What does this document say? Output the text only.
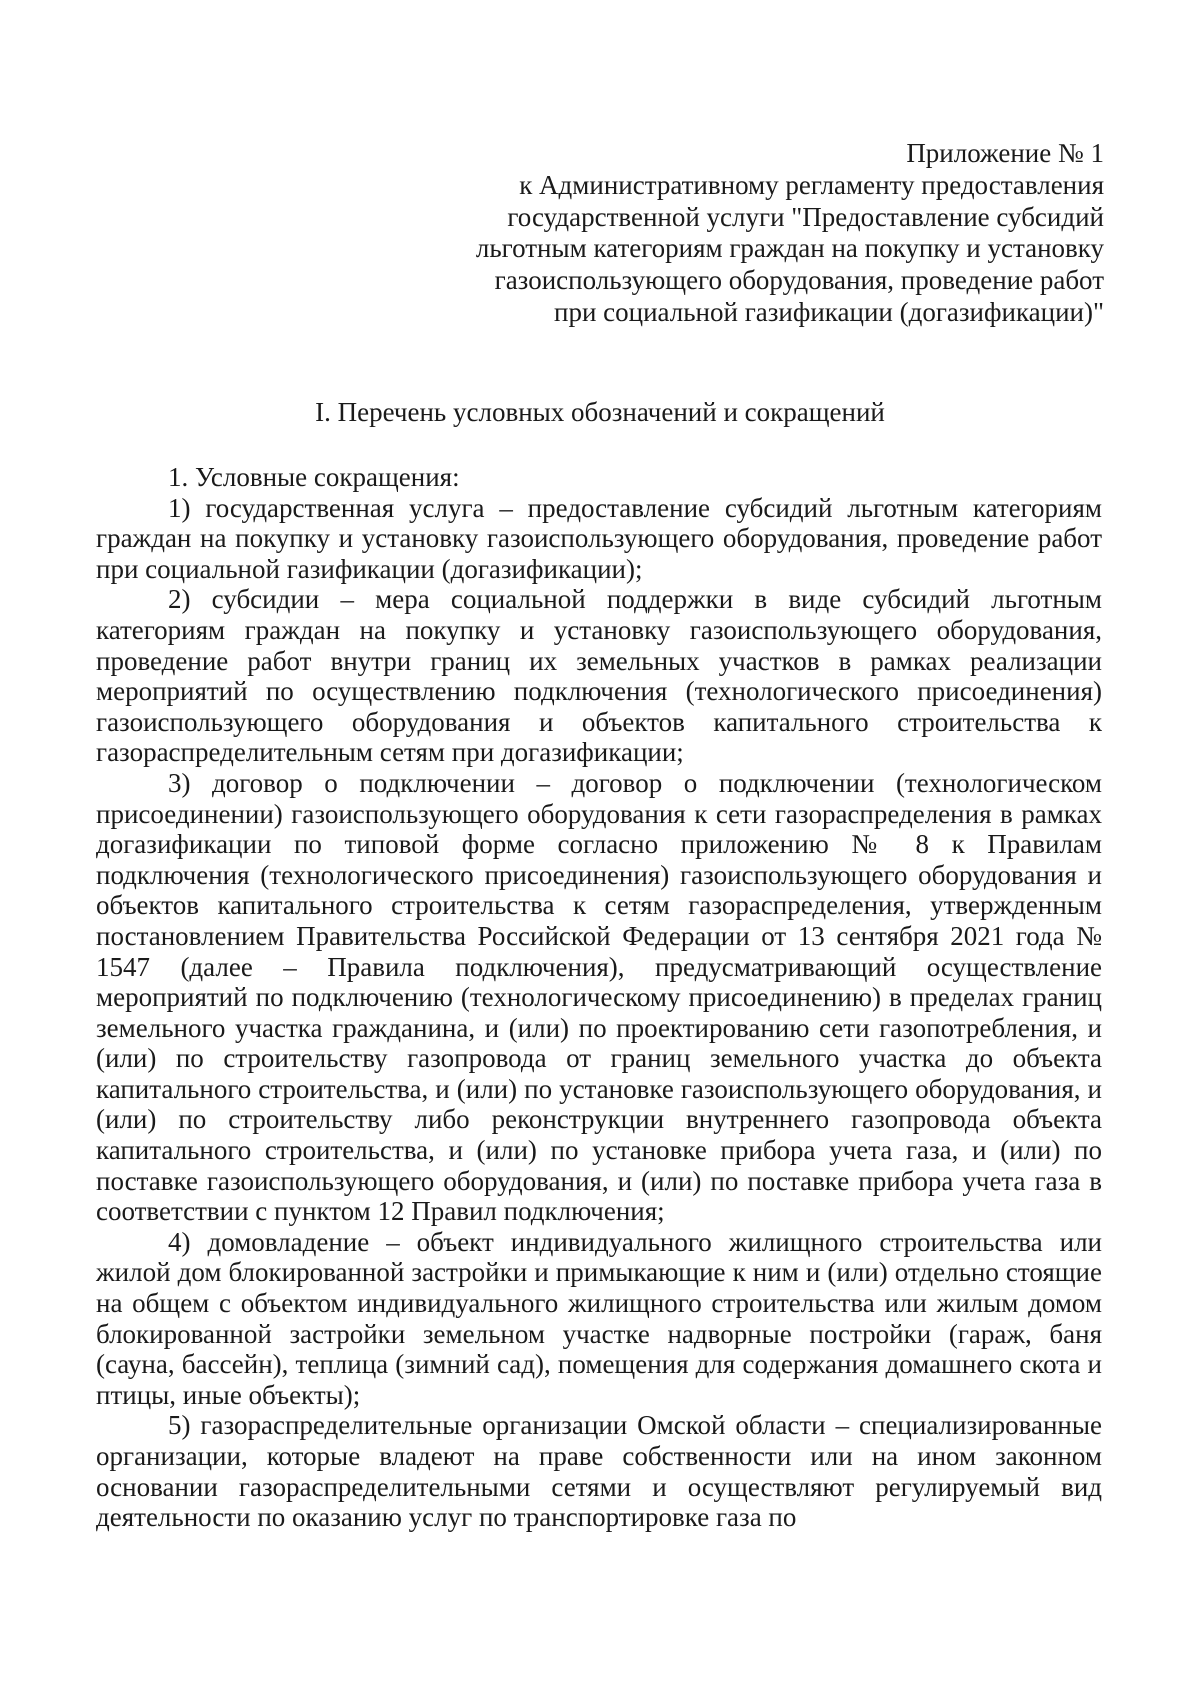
Приложение № 1
к Административному регламенту предоставления
государственной услуги "Предоставление субсидий
льготным категориям граждан на покупку и установку
газоиспользующего оборудования, проведение работ
при социальной газификации (догазификации)"
I. Перечень условных обозначений и сокращений

1. Условные сокращения:

1) государственная услуга – предоставление субсидий льготным категориям граждан на покупку и установку газоиспользующего оборудования, проведение работ при социальной газификации (догазификации);

2) субсидии – мера социальной поддержки в виде субсидий льготным категориям граждан на покупку и установку газоиспользующего оборудования, проведение работ внутри границ их земельных участков в рамках реализации мероприятий по осуществлению подключения (технологического присоединения) газоиспользующего оборудования и объектов капитального строительства к газораспределительным сетям при догазификации;

3) договор о подключении – договор о подключении (технологическом присоединении) газоиспользующего оборудования к сети газораспределения в рамках догазификации по типовой форме согласно приложению № 8 к Правилам подключения (технологического присоединения) газоиспользующего оборудования и объектов капитального строительства к сетям газораспределения, утвержденным постановлением Правительства Российской Федерации от 13 сентября 2021 года № 1547 (далее – Правила подключения), предусматривающий осуществление мероприятий по подключению (технологическому присоединению) в пределах границ земельного участка гражданина, и (или) по проектированию сети газопотребления, и (или) по строительству газопровода от границ земельного участка до объекта капитального строительства, и (или) по установке газоиспользующего оборудования, и (или) по строительству либо реконструкции внутреннего газопровода объекта капитального строительства, и (или) по установке прибора учета газа, и (или) по поставке газоиспользующего оборудования, и (или) по поставке прибора учета газа в соответствии с пунктом 12 Правил подключения;

4) домовладение – объект индивидуального жилищного строительства или жилой дом блокированной застройки и примыкающие к ним и (или) отдельно стоящие на общем с объектом индивидуального жилищного строительства или жилым домом блокированной застройки земельном участке надворные постройки (гараж, баня (сауна, бассейн), теплица (зимний сад), помещения для содержания домашнего скота и птицы, иные объекты);

5) газораспределительные организации Омской области – специализированные организации, которые владеют на праве собственности или на ином законном основании газораспределительными сетями и осуществляют регулируемый вид деятельности по оказанию услуг по транспортировке газа по
